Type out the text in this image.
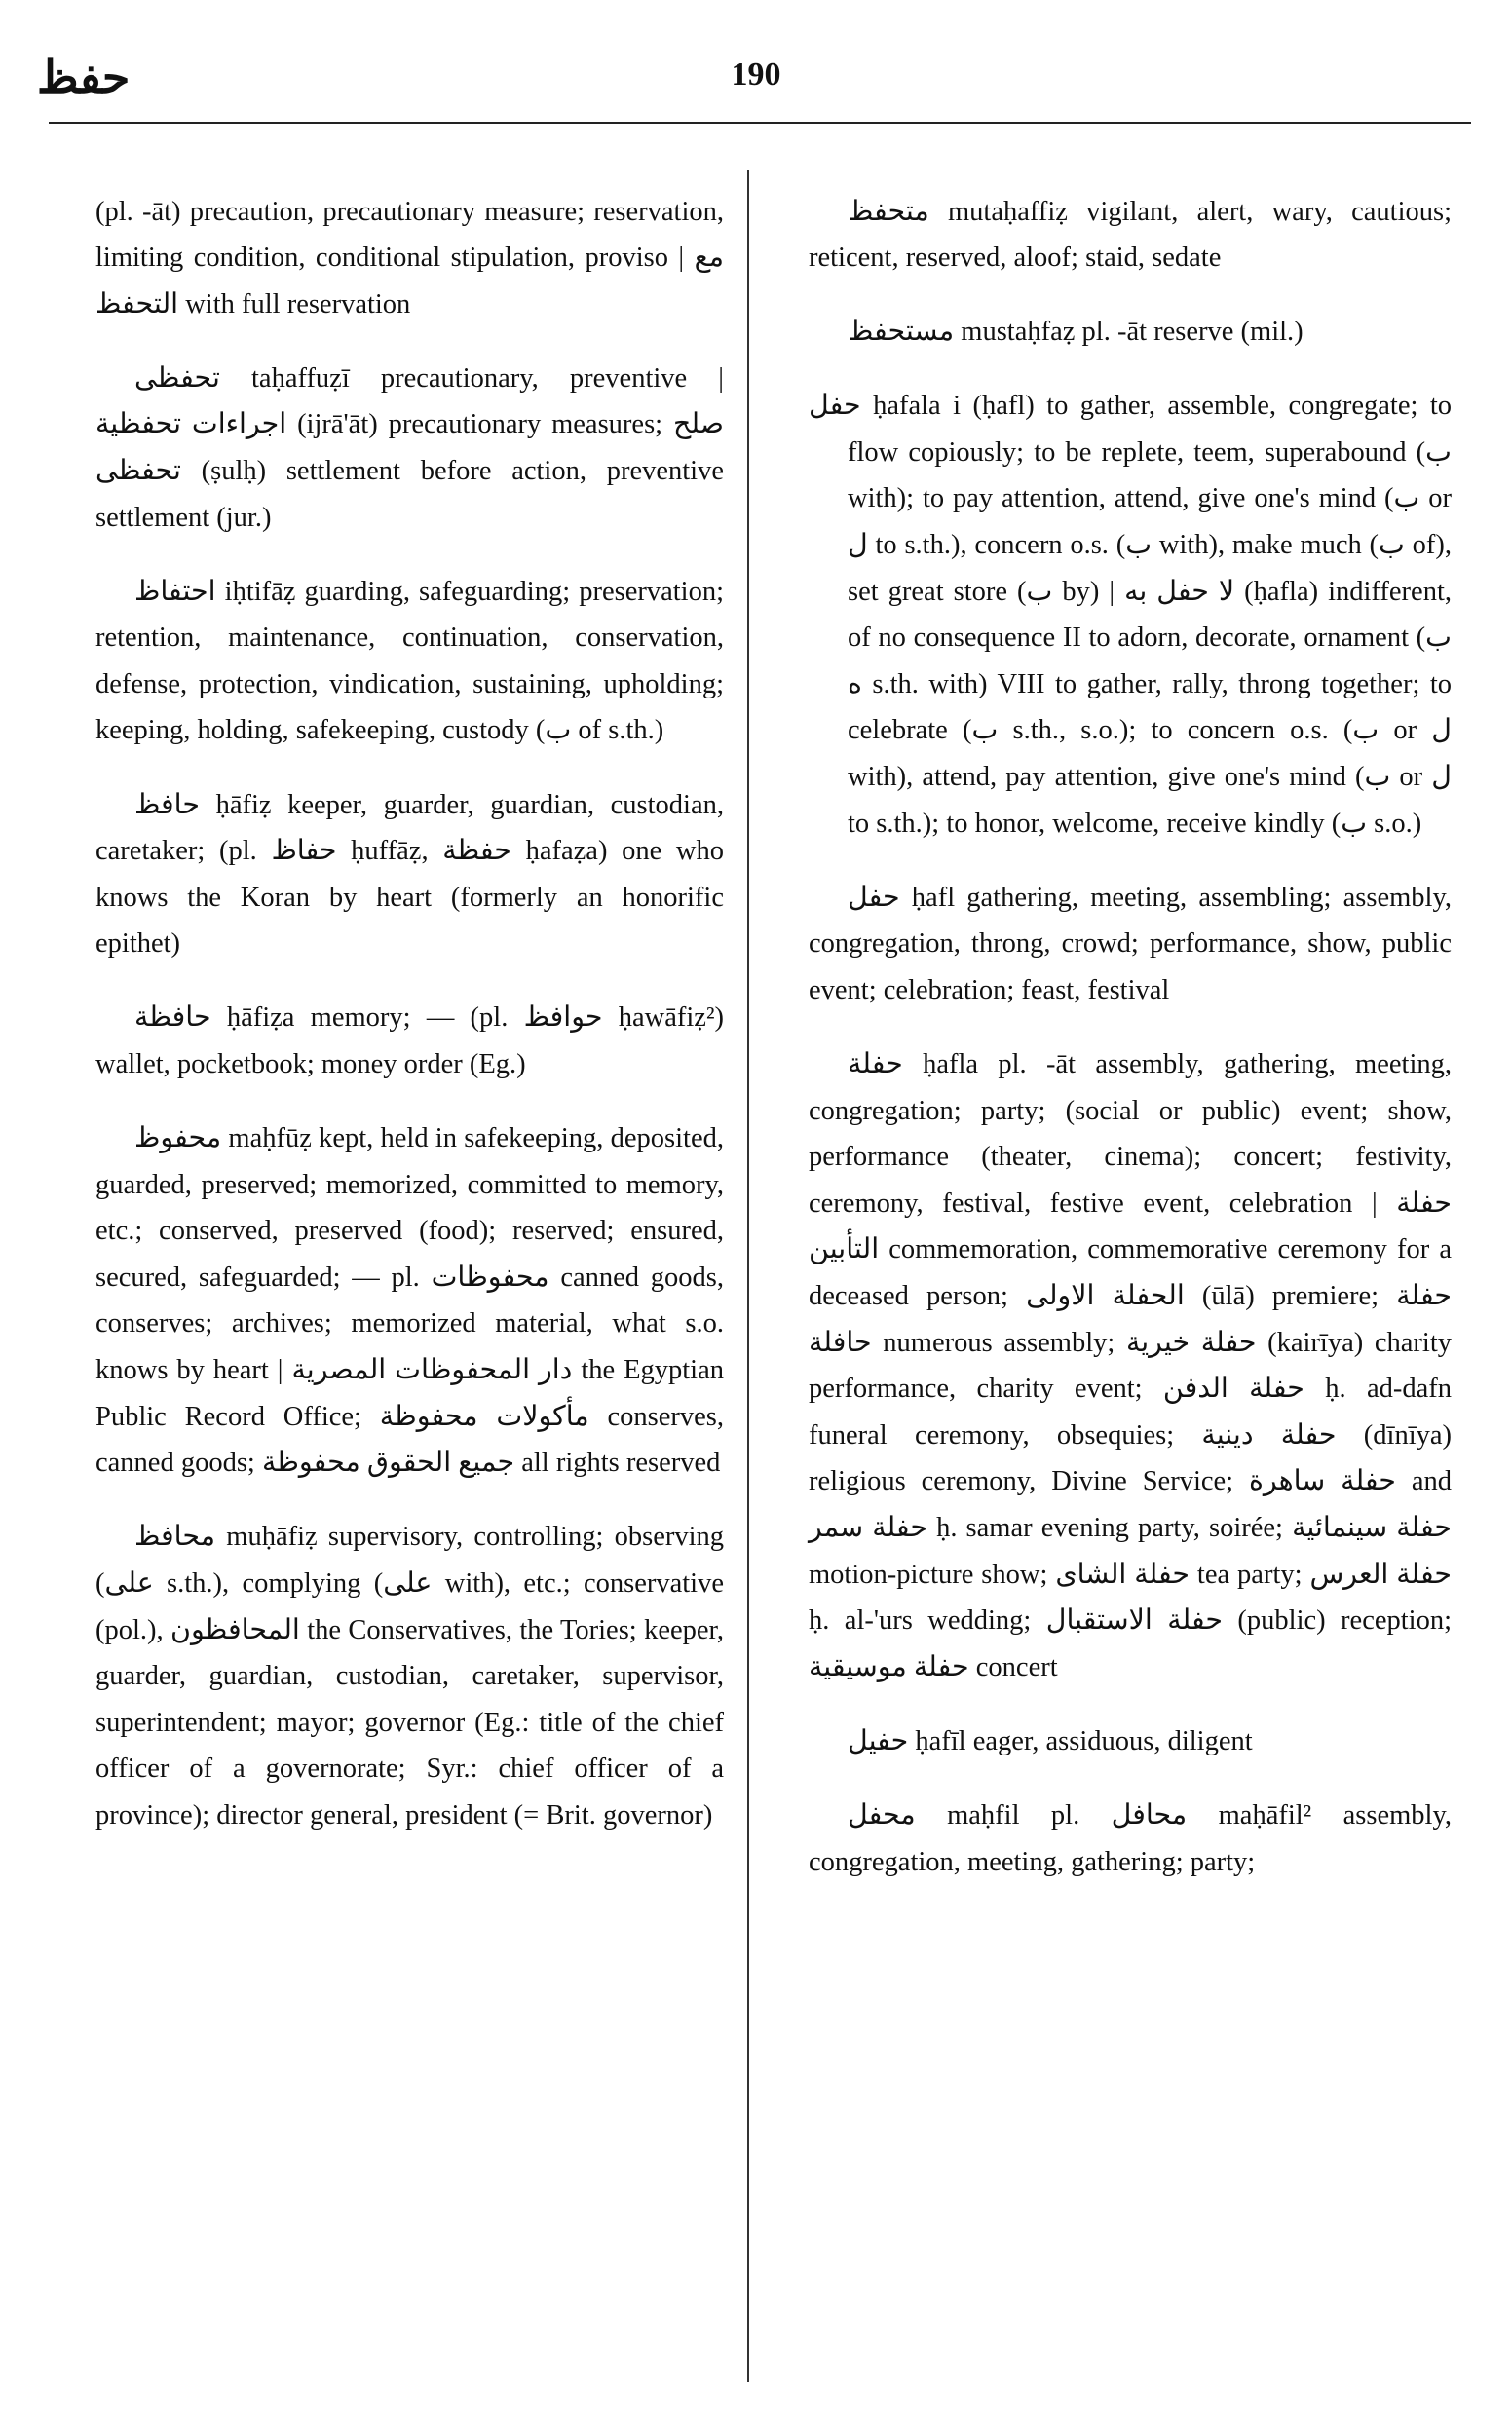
حفظ	190

(pl. -āt) precaution, precautionary measure; reservation, limiting condition, conditional stipulation, proviso | مع التحفظ with full reservation

تحفظى taḥaffuẓī precautionary, preventive | اجراءات تحفظية (ijrā'āt) precautionary measures; صلح تحفظى (ṣulḥ) settlement before action, preventive settlement (jur.)

احتفاظ iḥtifāẓ guarding, safeguarding; preservation; retention, maintenance, continuation, conservation, defense, protection, vindication, sustaining, upholding; keeping, holding, safekeeping, custody (ب of s.th.)

حافظ ḥāfiẓ keeper, guarder, guardian, custodian, caretaker; (pl. حفاظ ḥuffāẓ, حفظة ḥafaẓa) one who knows the Koran by heart (formerly an honorific epithet)

حافظة ḥāfiẓa memory; — (pl. حوافظ ḥawāfiẓ²) wallet, pocketbook; money order (Eg.)

محفوظ maḥfūẓ kept, held in safekeeping, deposited, guarded, preserved; memorized, committed to memory, etc.; conserved, preserved (food); reserved; ensured, secured, safeguarded; — pl. محفوظات canned goods, conserves; archives; memorized material, what s.o. knows by heart | دار المحفوظات المصرية the Egyptian Public Record Office; مأكولات محفوظة conserves, canned goods; جميع الحقوق محفوظة all rights reserved

محافظ muḥāfiẓ supervisory, controlling; observing (على s.th.), complying (على with), etc.; conservative (pol.), المحافظون the Conservatives, the Tories; keeper, guarder, guardian, custodian, caretaker, supervisor, superintendent; mayor; governor (Eg.: title of the chief officer of a governorate; Syr.: chief officer of a province); director general, president (= Brit. governor)

متحفظ mutaḥaffiẓ vigilant, alert, wary, cautious; reticent, reserved, aloof; staid, sedate

مستحفظ mustaḥfaẓ pl. -āt reserve (mil.)

حفل ḥafala i (ḥafl) to gather, assemble, congregate; to flow copiously; to be replete, teem, superabound (ب with); to pay attention, attend, give one's mind (ب or ل to s.th.), concern o.s. (ب with), make much (ب of), set great store (ب by) | لا حفل به (ḥafla) indifferent, of no consequence II to adorn, decorate, ornament (ب ه s.th. with) VIII to gather, rally, throng together; to celebrate (ب s.th., s.o.); to concern o.s. (ب or ل with), attend, pay attention, give one's mind (ب or ل to s.th.); to honor, welcome, receive kindly (ب s.o.)

حفل ḥafl gathering, meeting, assembling; assembly, congregation, throng, crowd; performance, show, public event; celebration; feast, festival

حفلة ḥafla pl. -āt assembly, gathering, meeting, congregation; party; (social or public) event; show, performance (theater, cinema); concert; festivity, ceremony, festival, festive event, celebration | حفلة التأبين commemoration, commemorative ceremony for a deceased person; الحفلة الاولى (ūlā) premiere; حفلة حافلة numerous assembly; حفلة خيرية (kairīya) charity performance, charity event; حفلة الدفن ḥ. ad-dafn funeral ceremony, obsequies; حفلة دينية (dīnīya) religious ceremony, Divine Service; حفلة ساهرة and حفلة سمر ḥ. samar evening party, soirée; حفلة سينمائية motion-picture show; حفلة الشاى tea party; حفلة العرس ḥ. al-'urs wedding; حفلة الاستقبال (public) reception; حفلة موسيقية concert

حفيل ḥafīl eager, assiduous, diligent

محفل maḥfil pl. محافل maḥāfil² assembly, congregation, meeting, gathering; party;
